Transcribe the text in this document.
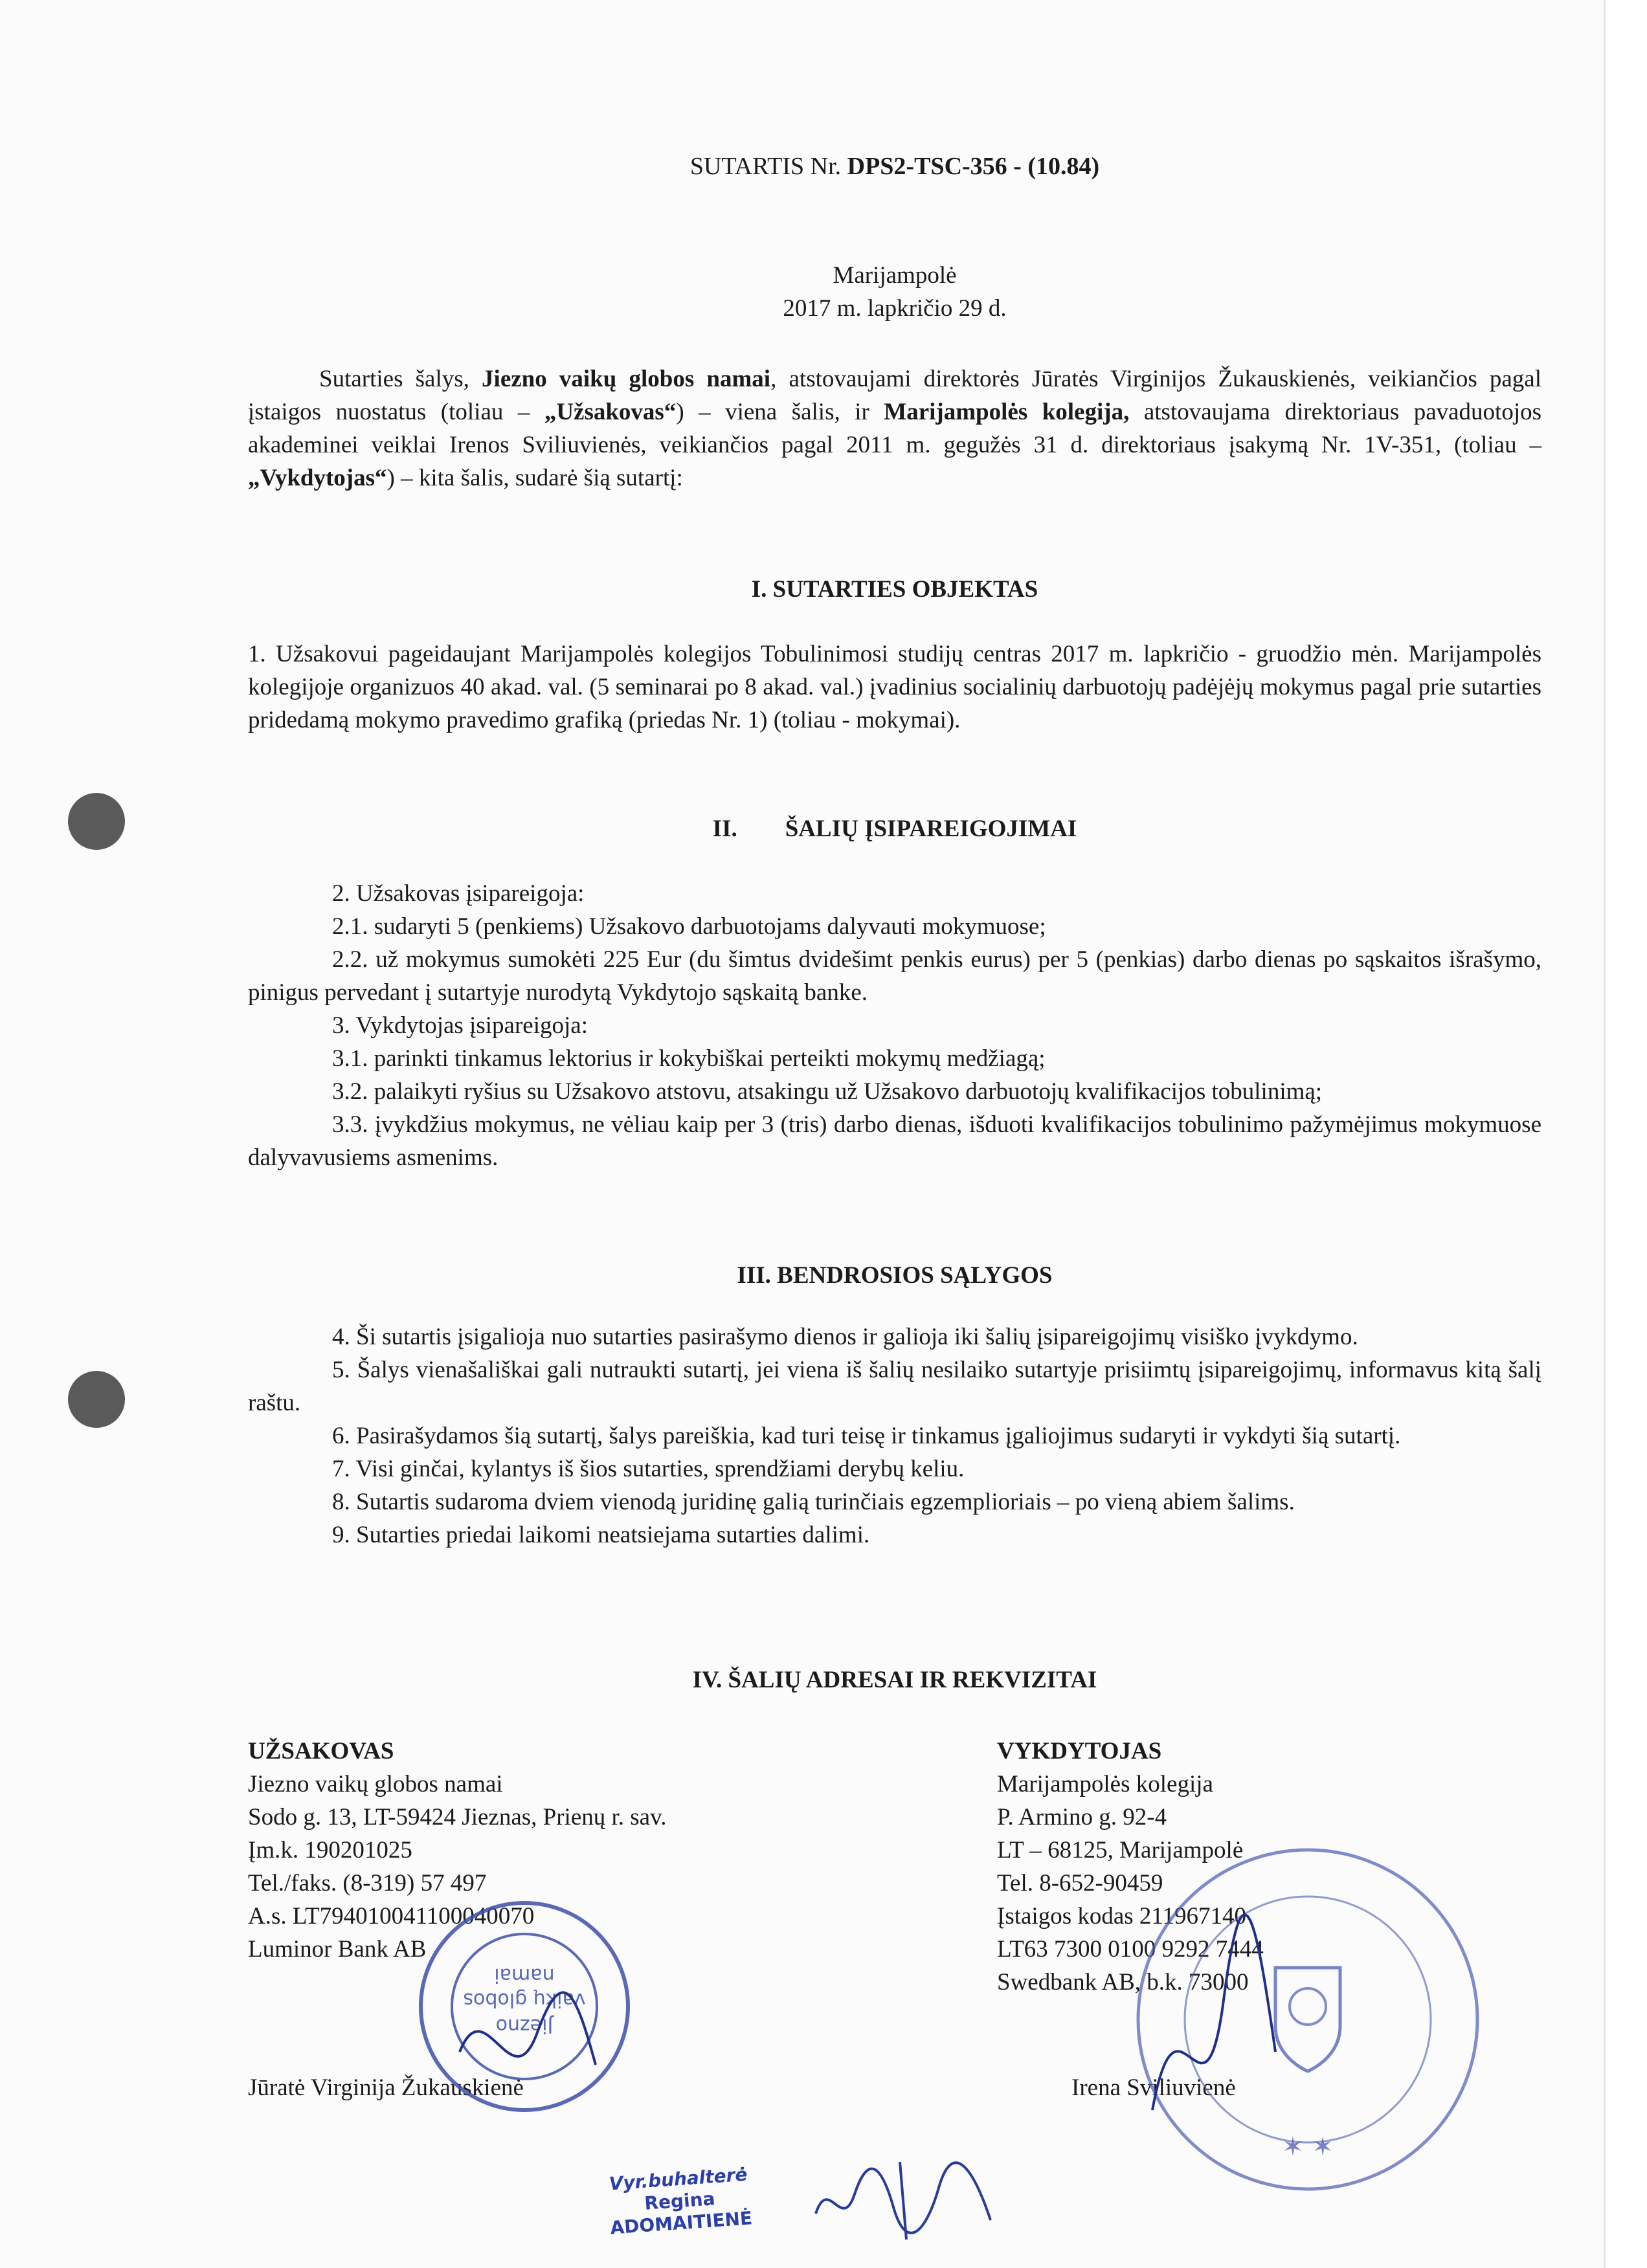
SUTARTIS Nr. DPS2-TSC-356 - (10.84)
Marijampolė
2017 m. lapkričio 29 d.

Sutarties šalys, Jiezno vaikų globos namai, atstovaujami direktorės Jūratės Virginijos Žukauskienės, veikiančios pagal įstaigos nuostatus (toliau – „Užsakovas“) – viena šalis, ir Marijampolės kolegija, atstovaujama direktoriaus pavaduotojos akademinei veiklai Irenos Sviliuvienės, veikiančios pagal 2011 m. gegužės 31 d. direktoriaus įsakymą Nr. 1V-351, (toliau – „Vykdytojas“) – kita šalis, sudarė šią sutartį:

I. SUTARTIES OBJEKTAS

1. Užsakovui pageidaujant Marijampolės kolegijos Tobulinimosi studijų centras 2017 m. lapkričio - gruodžio mėn. Marijampolės kolegijoje organizuos 40 akad. val. (5 seminarai po 8 akad. val.) įvadinius socialinių darbuotojų padėjėjų mokymus pagal prie sutarties pridedamą mokymo pravedimo grafiką (priedas Nr. 1) (toliau - mokymai).

II.        ŠALIŲ ĮSIPAREIGOJIMAI

2. Užsakovas įsipareigoja:

2.1. sudaryti 5 (penkiems) Užsakovo darbuotojams dalyvauti mokymuose;

2.2. už mokymus sumokėti 225 Eur (du šimtus dvidešimt penkis eurus) per 5 (penkias) darbo dienas po sąskaitos išrašymo, pinigus pervedant į sutartyje nurodytą Vykdytojo sąskaitą banke.

3. Vykdytojas įsipareigoja:

3.1. parinkti tinkamus lektorius ir kokybiškai perteikti mokymų medžiagą;

3.2. palaikyti ryšius su Užsakovo atstovu, atsakingu už Užsakovo darbuotojų kvalifikacijos tobulinimą;

3.3. įvykdžius mokymus, ne vėliau kaip per 3 (tris) darbo dienas, išduoti kvalifikacijos tobulinimo pažymėjimus mokymuose dalyvavusiems asmenims.

III. BENDROSIOS SĄLYGOS

4. Ši sutartis įsigalioja nuo sutarties pasirašymo dienos ir galioja iki šalių įsipareigojimų visiško įvykdymo.

5. Šalys vienašališkai gali nutraukti sutartį, jei viena iš šalių nesilaiko sutartyje prisiimtų įsipareigojimų, informavus kitą šalį raštu.

6. Pasirašydamos šią sutartį, šalys pareiškia, kad turi teisę ir tinkamus įgaliojimus sudaryti ir vykdyti šią sutartį.

7. Visi ginčai, kylantys iš šios sutarties, sprendžiami derybų keliu.

8. Sutartis sudaroma dviem vienodą juridinę galią turinčiais egzemplioriais – po vieną abiem šalims.

9. Sutarties priedai laikomi neatsiejama sutarties dalimi.

IV. ŠALIŲ ADRESAI IR REKVIZITAI
UŽSAKOVAS
Jiezno vaikų globos namai
Sodo g. 13, LT-59424 Jieznas, Prienų r. sav.
Įm.k. 190201025
Tel./faks. (8-319) 57 497
A.s. LT794010041100040070
Luminor Bank AB
Jūratė Virginija Žukauskienė
VYKDYTOJAS
Marijampolės kolegija
P. Armino g. 92-4
LT – 68125, Marijampolė
Tel. 8-652-90459
Įstaigos kodas 211967140
LT63 7300 0100 9292 7444
Swedbank AB, b.k. 73000
Irena Sviliuvienė
Jiezno
vaikų globos
namai
✶ ✶
Vyr.buhalterė
Regina
ADOMAITIENĖ
